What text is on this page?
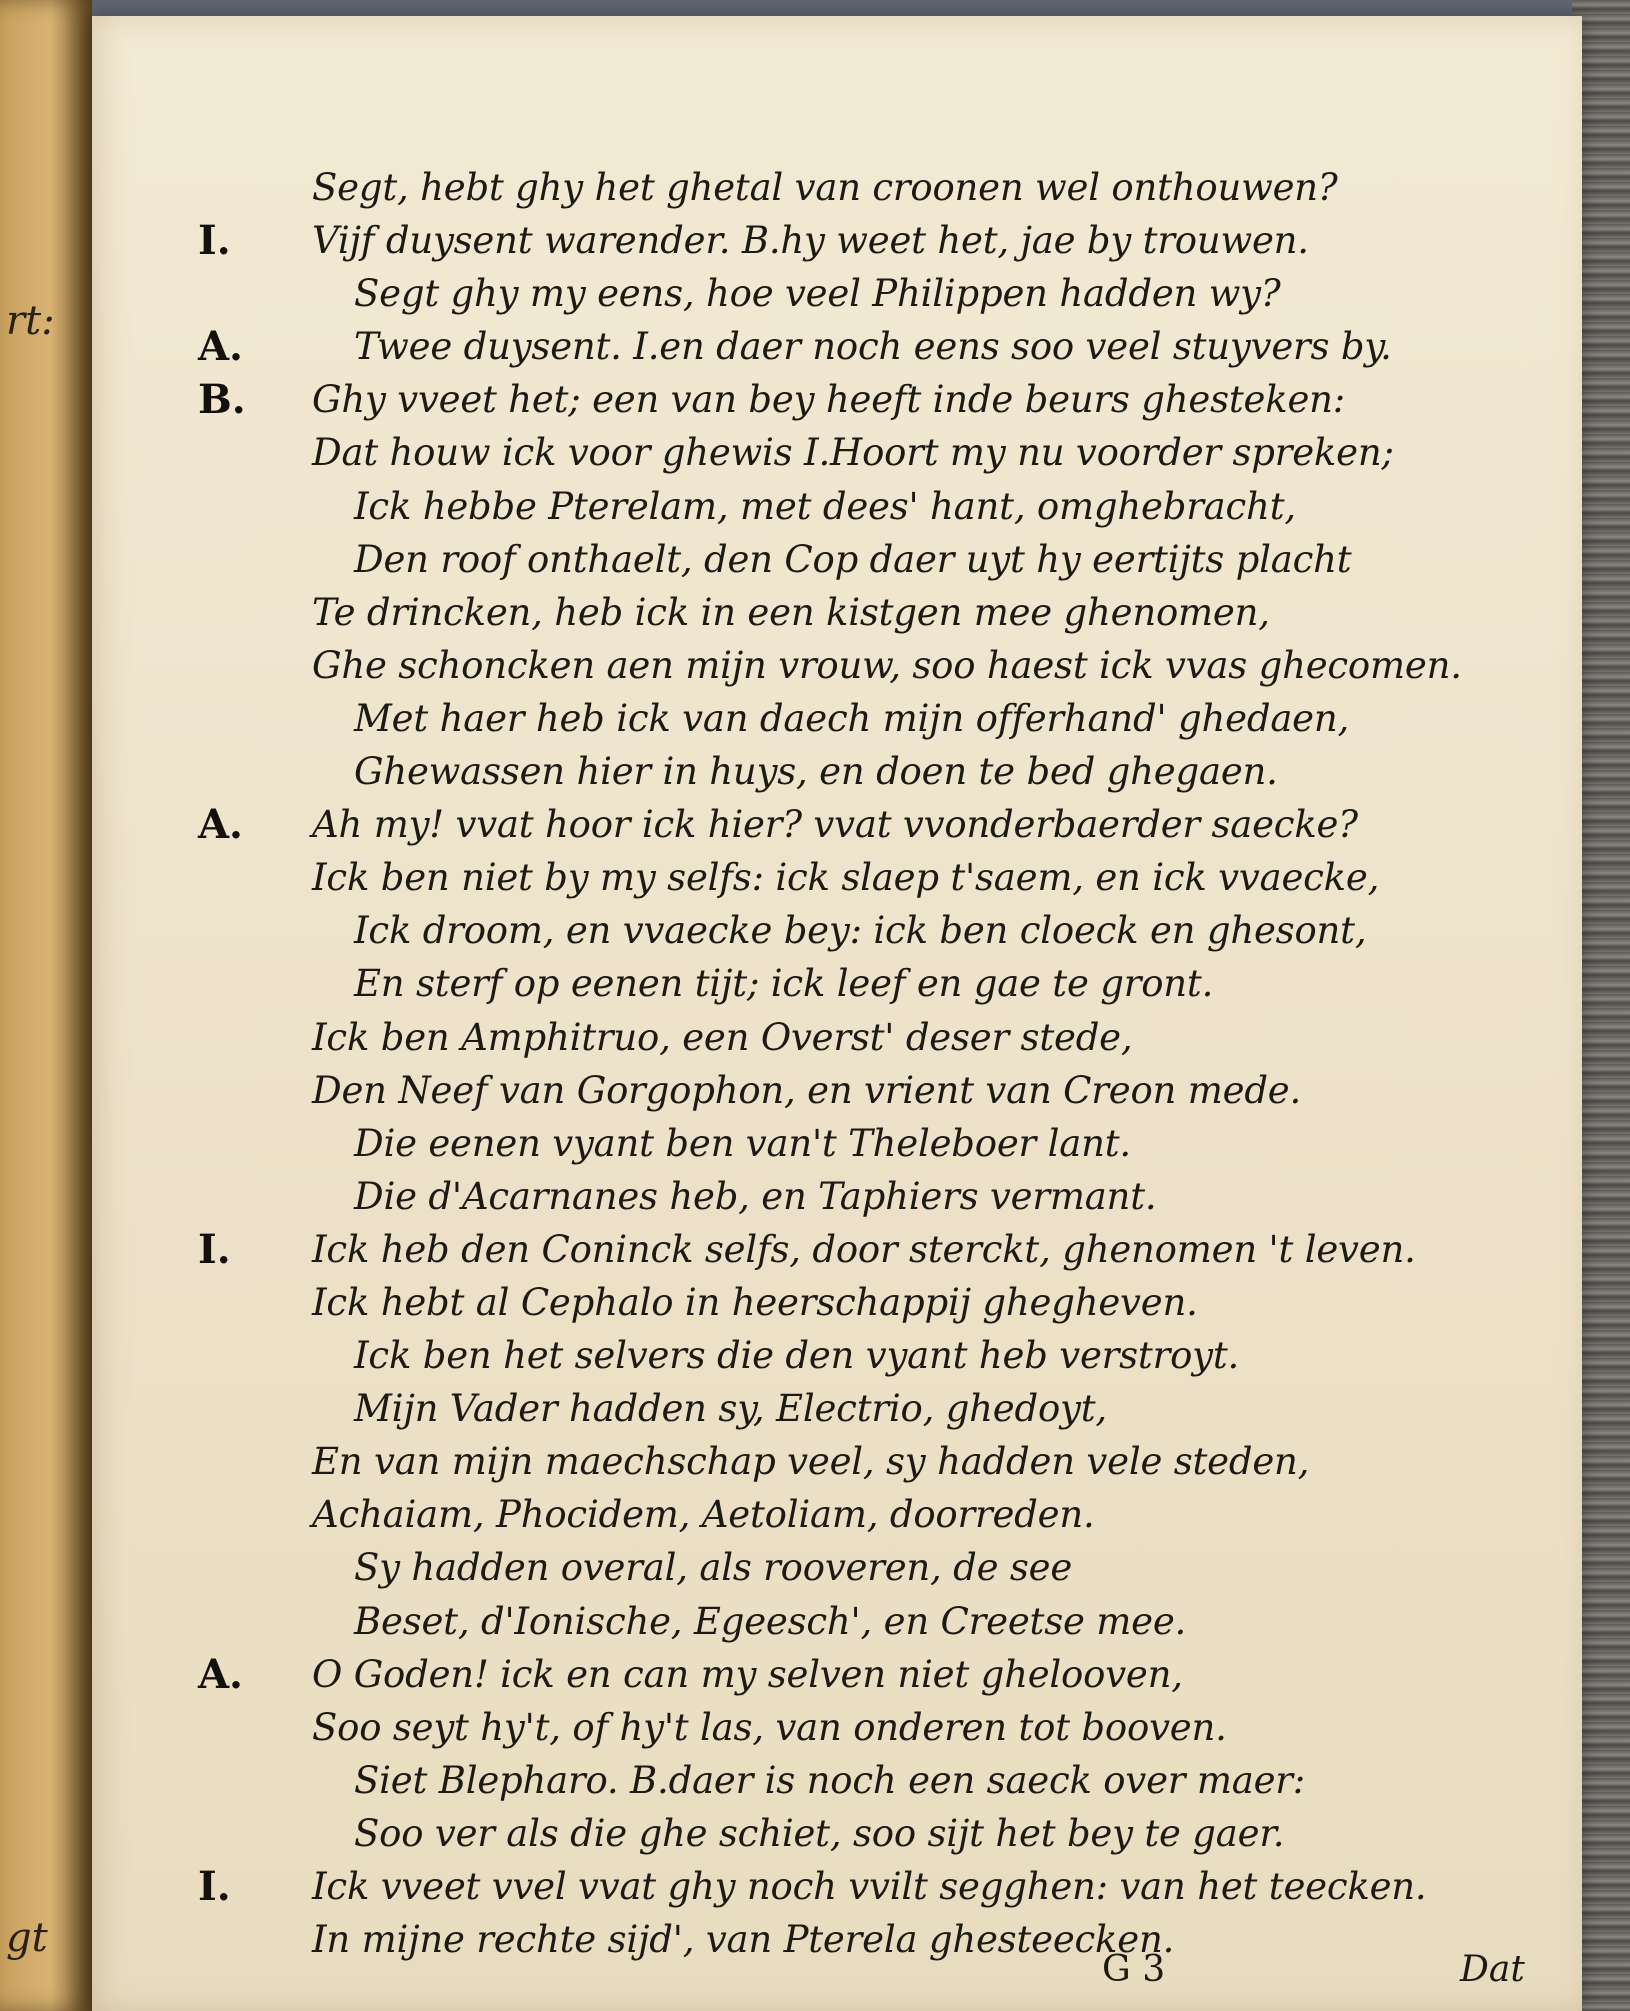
rt:
gt
Segt, hebt ghy het ghetal van croonen wel onthouwen?
I.	Vijf duysent warender. B.hy weet het, jae by trouwen.
Segt ghy my eens, hoe veel Philippen hadden wy?
A.	Twee duysent. I.en daer noch eens soo veel stuyvers by.
B.	Ghy vveet het; een van bey heeft inde beurs ghesteken:
Dat houw ick voor ghewis I.Hoort my nu voorder spreken;
Ick hebbe Pterelam, met dees' hant, omghebracht,
Den roof onthaelt, den Cop daer uyt hy eertijts placht
Te drincken, heb ick in een kistgen mee ghenomen,
Ghe schoncken aen mijn vrouw, soo haest ick vvas ghecomen.
Met haer heb ick van daech mijn offerhand' ghedaen,
Ghewassen hier in huys, en doen te bed ghegaen.
A.	Ah my! vvat hoor ick hier? vvat vvonderbaerder saecke?
Ick ben niet by my selfs: ick slaep t'saem, en ick vvaecke,
Ick droom, en vvaecke bey: ick ben cloeck en ghesont,
En sterf op eenen tijt; ick leef en gae te gront.
Ick ben Amphitruo, een Overst' deser stede,
Den Neef van Gorgophon, en vrient van Creon mede.
Die eenen vyant ben van't Theleboer lant.
Die d'Acarnanes heb, en Taphiers vermant.
I.	Ick heb den Coninck selfs, door sterckt, ghenomen 't leven.
Ick hebt al Cephalo in heerschappij ghegheven.
Ick ben het selvers die den vyant heb verstroyt.
Mijn Vader hadden sy, Electrio, ghedoyt,
En van mijn maechschap veel, sy hadden vele steden,
Achaiam, Phocidem, Aetoliam, doorreden.
Sy hadden overal, als rooveren, de see
Beset, d'Ionische, Egeesch', en Creetse mee.
A.	O Goden! ick en can my selven niet ghelooven,
Soo seyt hy't, of hy't las, van onderen tot booven.
Siet Blepharo. B.daer is noch een saeck over maer:
Soo ver als die ghe schiet, soo sijt het bey te gaer.
I.	Ick vveet vvel vvat ghy noch vvilt segghen: van het teecken.
In mijne rechte sijd', van Pterela ghesteecken.
G 3	Dat
